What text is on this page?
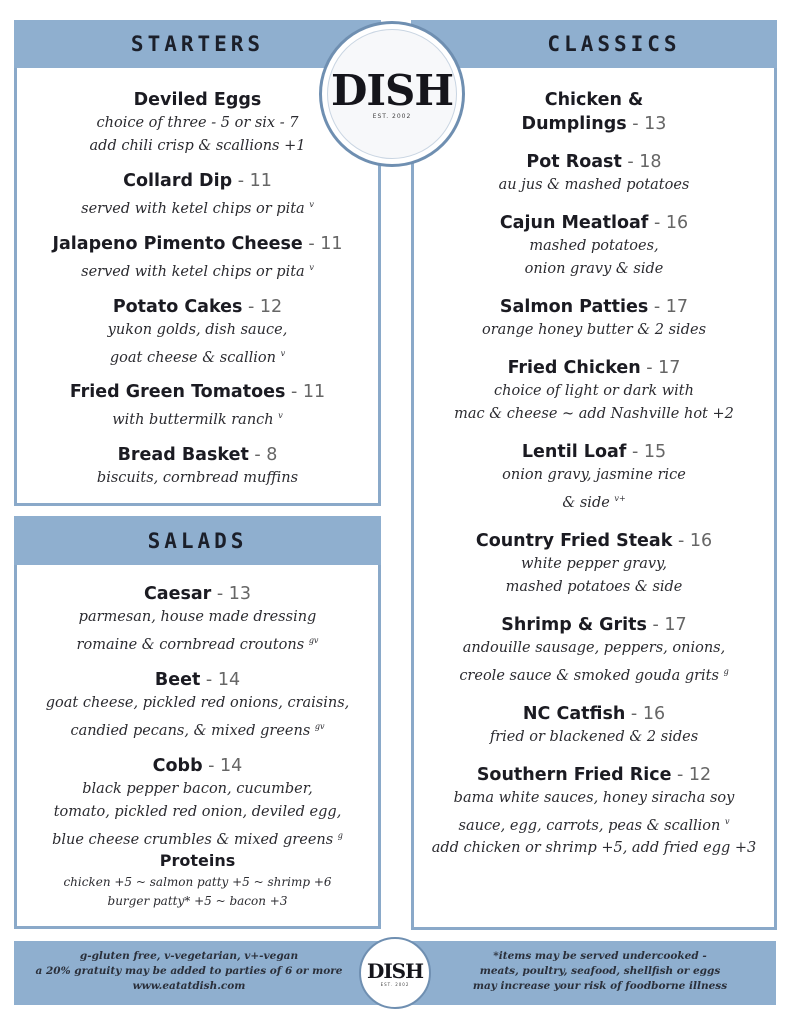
STARTERS
Deviled Eggs
choice of three - 5 or six - 7
add chili crisp & scallions +1
Collard Dip - 11
served with ketel chips or pita $^v$
Jalapeno Pimento Cheese - 11
served with ketel chips or pita $^v$
Potato Cakes - 12
yukon golds, dish sauce,
goat cheese & scallion $^v$
Fried Green Tomatoes - 11
with buttermilk ranch $^v$
Bread Basket - 8
biscuits, cornbread muffins
SALADS
Caesar - 13
parmesan, house made dressing
romaine & cornbread croutons $^{gv}$
Beet - 14
goat cheese, pickled red onions, craisins,
candied pecans, & mixed greens $^{gv}$
Cobb - 14
black pepper bacon, cucumber,
tomato, pickled red onion, deviled egg,
blue cheese crumbles & mixed greens $^g$
Proteins
chicken +5 ~ salmon patty +5 ~ shrimp +6
burger patty* +5 ~ bacon +3
CLASSICS
Chicken &
Dumplings - 13
Pot Roast - 18
au jus & mashed potatoes
Cajun Meatloaf - 16
mashed potatoes,
onion gravy & side
Salmon Patties - 17
orange honey butter & 2 sides
Fried Chicken - 17
choice of light or dark with
mac & cheese ~ add Nashville hot +2
Lentil Loaf - 15
onion gravy, jasmine rice
& side $^{v+}$
Country Fried Steak - 16
white pepper gravy,
mashed potatoes & side
Shrimp & Grits - 17
andouille sausage, peppers, onions,
creole sauce & smoked gouda grits $^g$
NC Catfish - 16
fried or blackened & 2 sides
Southern Fried Rice - 12
bama white sauces, honey siracha soy
sauce, egg, carrots, peas & scallion $^v$
add chicken or shrimp +5, add fried egg +3
DISH
EST. 2002
g-gluten free, v-vegetarian, v+-vegan
a 20% gratuity may be added to parties of 6 or more
www.eatatdish.com
*items may be served undercooked -
meats, poultry, seafood, shellfish or eggs
may increase your risk of foodborne illness
DISH
EST. 2002
